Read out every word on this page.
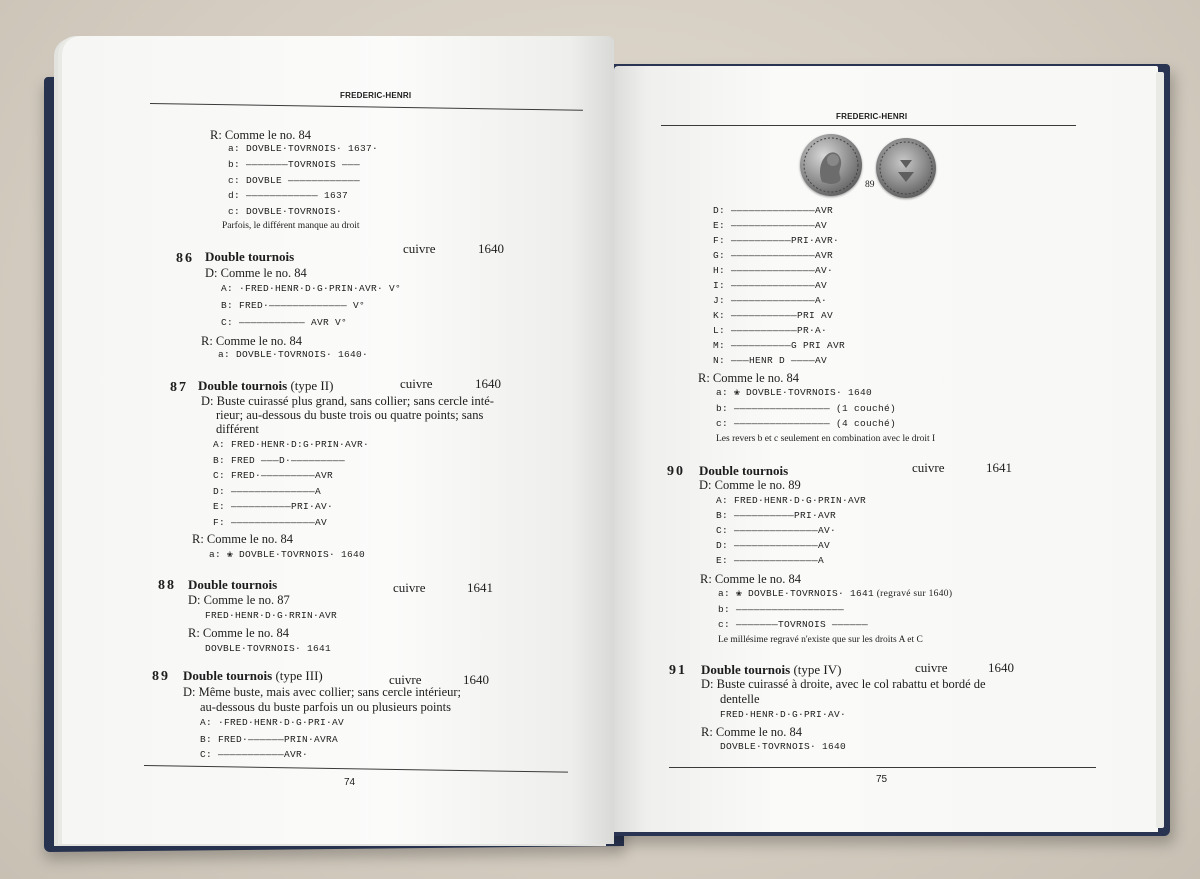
FREDERIC-HENRI
FREDERIC-HENRI
89
R: Comme le no. 84
a: DOVBLE·TOVRNOIS· 1637·
b: ———————TOVRNOIS ———
c: DOVBLE ————————————
d: ———————————— 1637
c: DOVBLE·TOVRNOIS·
Parfois, le différent manque au droit
86 Double tournois
cuivre	1640
D: Comme le no. 84
A: ·FRED·HENR·D·G·PRIN·AVR· V°
B: FRED·————————————— V°
C: ——————————— AVR V°
R: Comme le no. 84
a: DOVBLE·TOVRNOIS· 1640·
87 Double tournois (type II)	cuivre	1640
D: Buste cuirassé plus grand, sans collier; sans cercle inté-
rieur; au-dessous du buste trois ou quatre points; sans
différent
A: FRED·HENR·D:G·PRIN·AVR·
B: FRED ———D·—————————
C: FRED·—————————AVR
D: ——————————————A
E: ——————————PRI·AV·
F: ——————————————AV
R: Comme le no. 84
a: ❀ DOVBLE·TOVRNOIS· 1640
88 Double tournois	cuivre	1641
D: Comme le no. 87
FRED·HENR·D·G·RRIN·AVR
R: Comme le no. 84
DOVBLE·TOVRNOIS· 1641
89 Double tournois (type III)	cuivre	1640
D: Même buste, mais avec collier; sans cercle intérieur;
au-dessous du buste parfois un ou plusieurs points
A: ·FRED·HENR·D·G·PRI·AV
B: FRED·——————PRIN·AVRA
C: ———————————AVR·
D: ——————————————AVR
E: ——————————————AV
F: ——————————PRI·AVR·
G: ——————————————AVR
H: ——————————————AV·
I: ——————————————AV
J: ——————————————A·
K: ———————————PRI AV
L: ———————————PR·A·
M: ——————————G PRI AVR
N: ———HENR D ————AV
R: Comme le no. 84
a: ❀ DOVBLE·TOVRNOIS· 1640
b: ———————————————— (1 couché)
c: ———————————————— (4 couché)
Les revers b et c seulement en combination avec le droit I
90 Double tournois	cuivre	1641
D: Comme le no. 89
A: FRED·HENR·D·G·PRIN·AVR
B: ——————————PRI·AVR
C: ——————————————AV·
D: ——————————————AV
E: ——————————————A
R: Comme le no. 84
a: ❀ DOVBLE·TOVRNOIS· 1641 (regravé sur 1640)
b: ——————————————————
c: ———————TOVRNOIS ——————
Le millésime regravé n'existe que sur les droits A et C
91 Double tournois (type IV)	cuivre	1640
D: Buste cuirassé à droite, avec le col rabattu et bordé de
dentelle
FRED·HENR·D·G·PRI·AV·
R: Comme le no. 84
DOVBLE·TOVRNOIS· 1640
74	75
